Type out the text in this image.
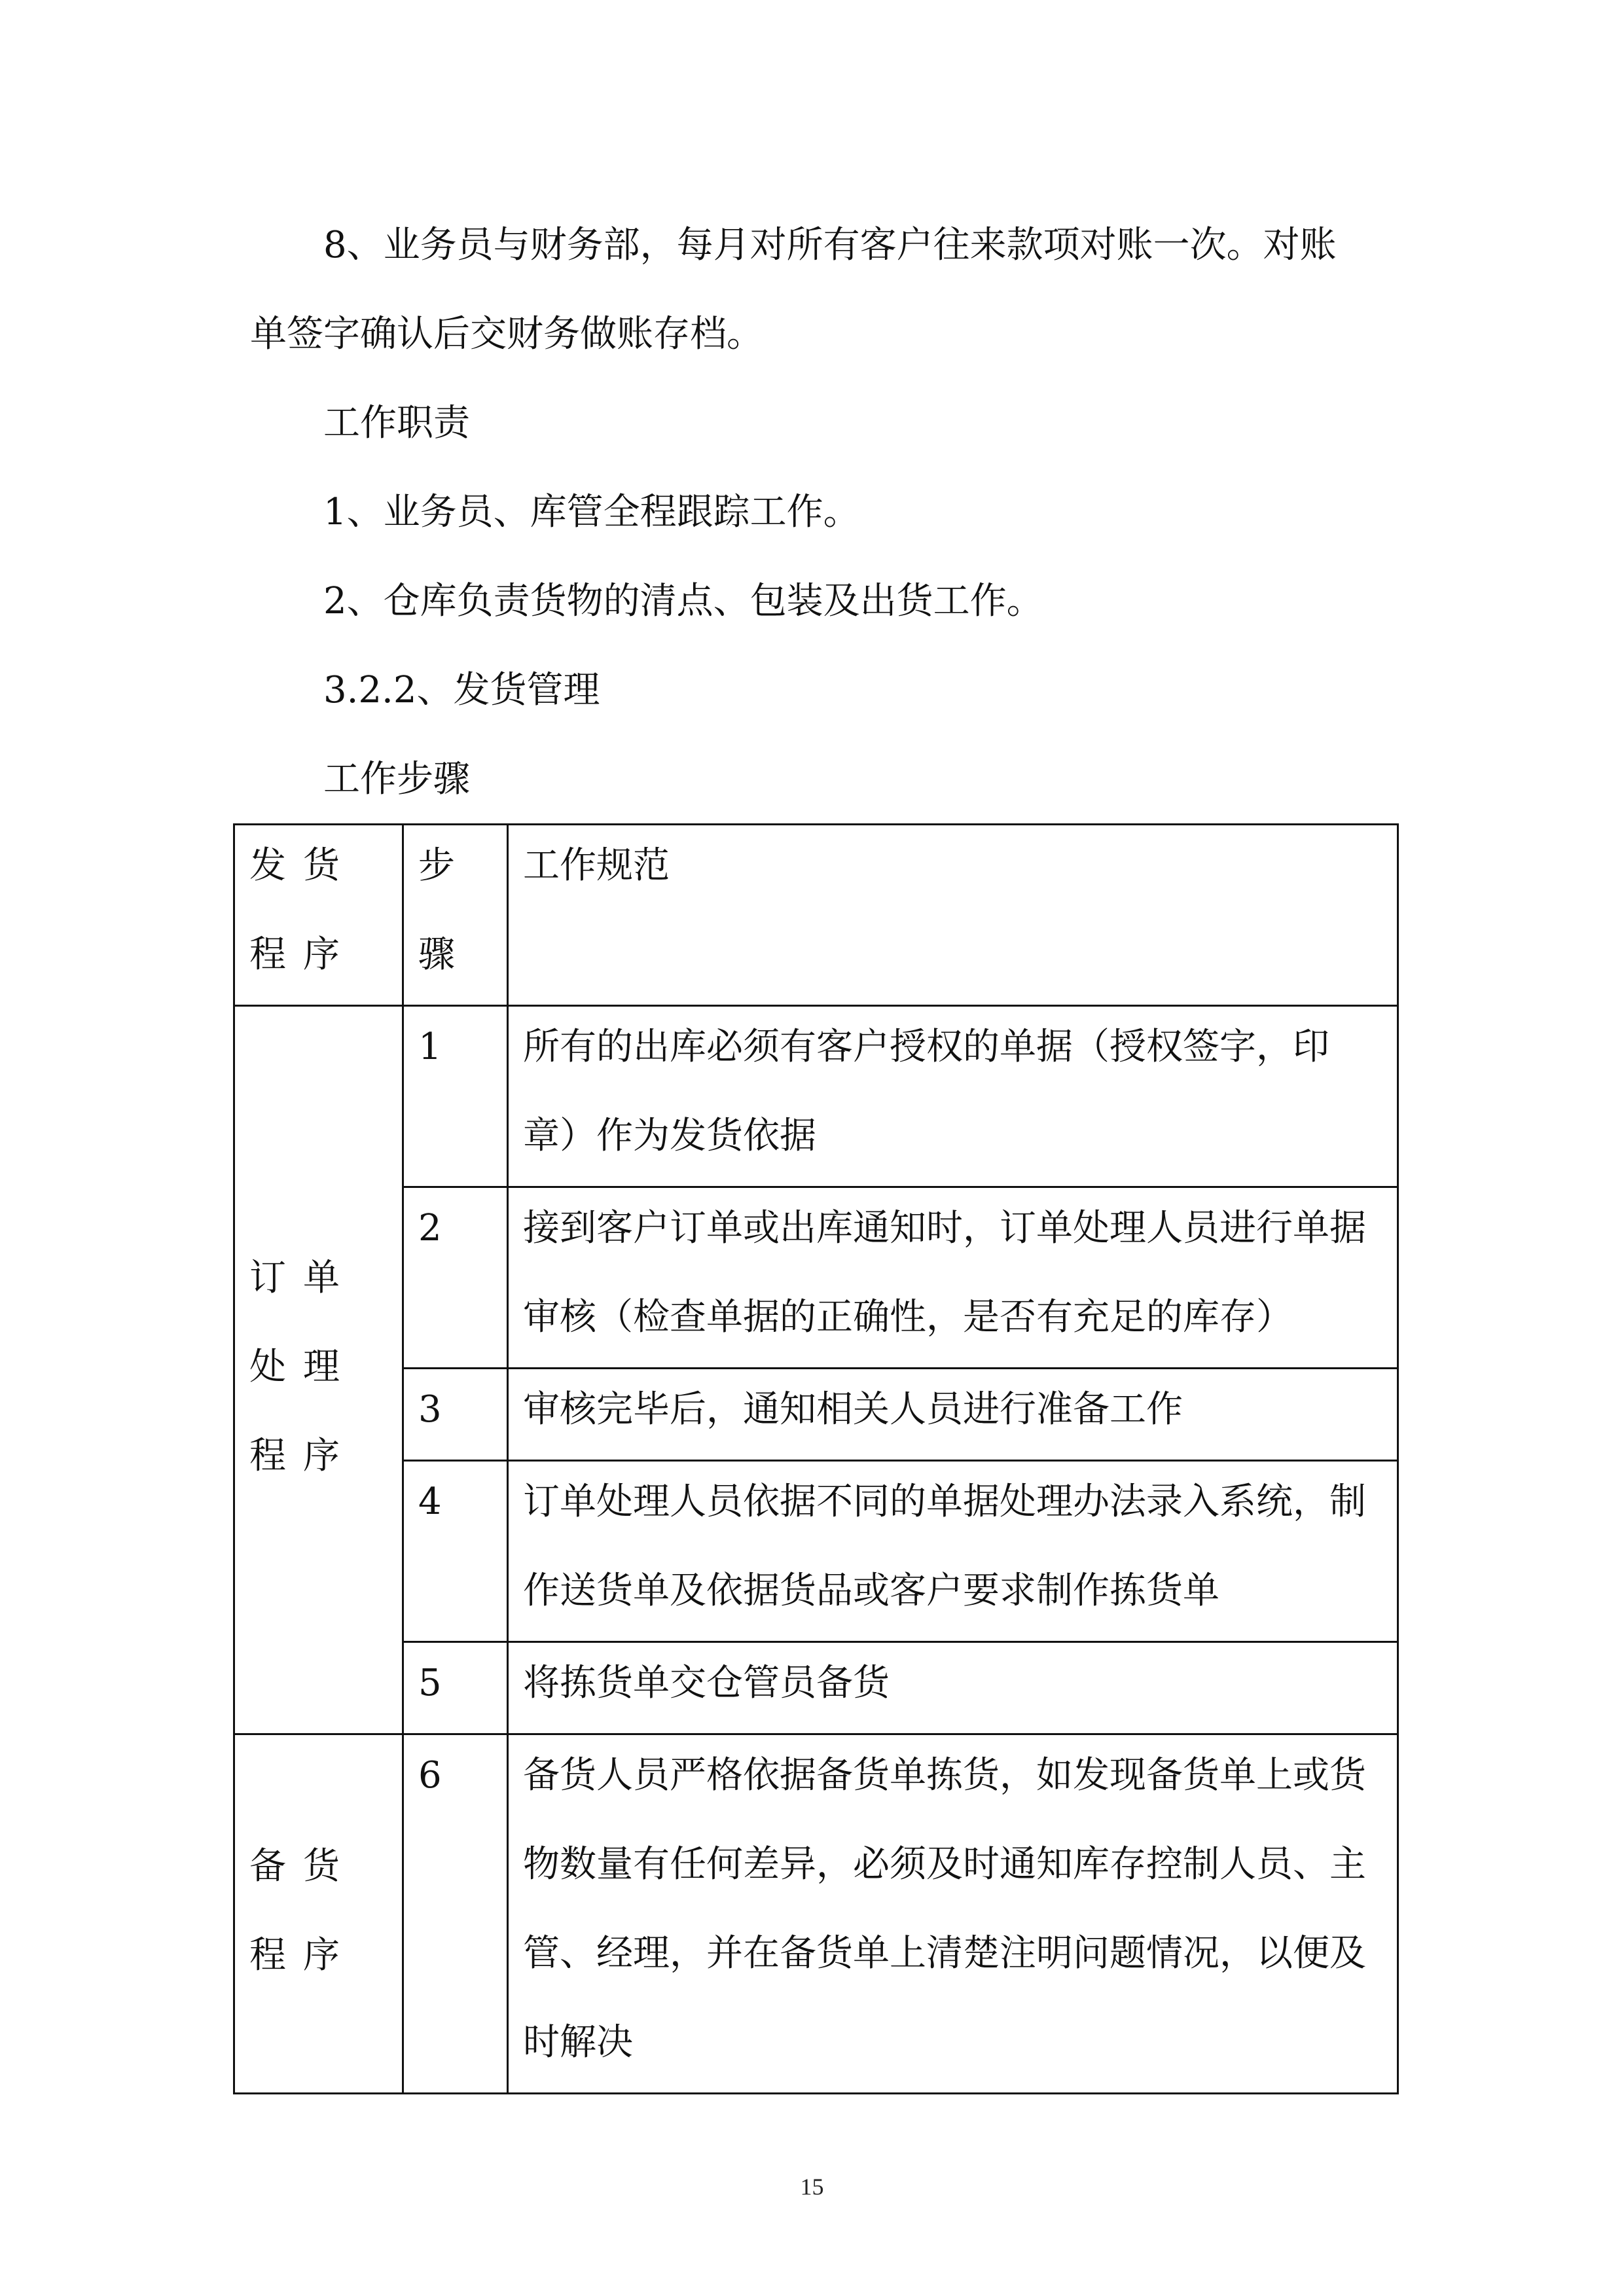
8、业务员与财务部，每月对所有客户往来款项对账一次。对账
单签字确认后交财务做账存档。

工作职责

1、业务员、库管全程跟踪工作。

2、仓库负责货物的清点、包装及出货工作。

3.2.2、发货管理

工作步骤

发货程序	步骤	工作规范

订单处理程序	1	所有的出库必须有客户授权的单据（授权签字，印章）作为发货依据

	2	接到客户订单或出库通知时，订单处理人员进行单据审核（检查单据的正确性，是否有充足的库存）

	3	审核完毕后，通知相关人员进行准备工作

	4	订单处理人员依据不同的单据处理办法录入系统，制作送货单及依据货品或客户要求制作拣货单

	5	将拣货单交仓管员备货

备货程序	6	备货人员严格依据备货单拣货，如发现备货单上或货物数量有任何差异，必须及时通知库存控制人员、主管、经理，并在备货单上清楚注明问题情况，以便及时解决
15
